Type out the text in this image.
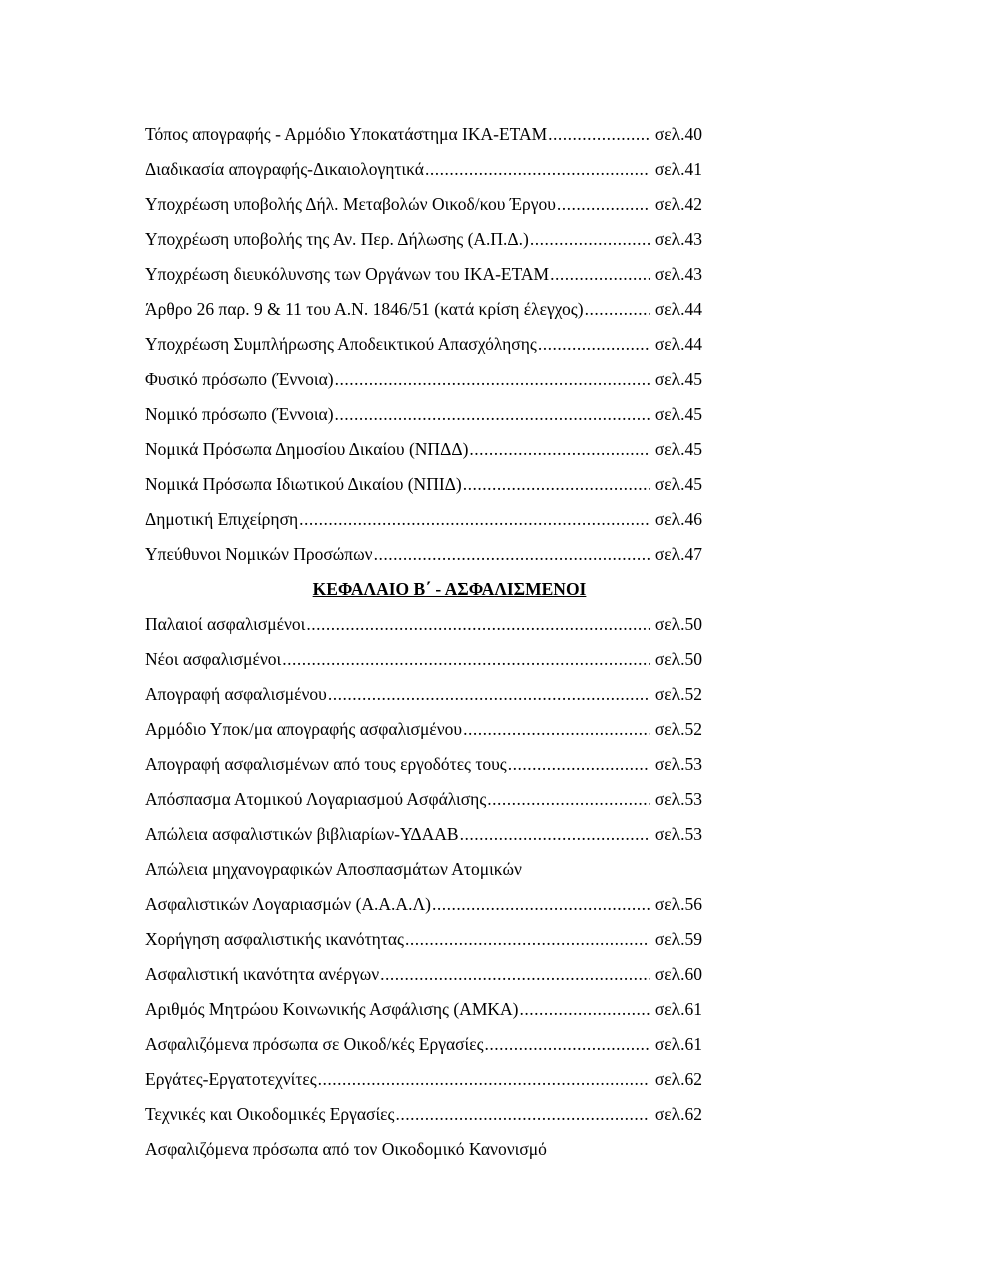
Τόπος απογραφής - Αρμόδιο Υποκατάστημα ΙΚΑ-ΕΤΑΜ .....	σελ.40
Διαδικασία απογραφής-Δικαιολογητικά .....	σελ.41
Υποχρέωση υποβολής Δήλ. Μεταβολών Οικοδ/κου Έργου .....	σελ.42
Υποχρέωση υποβολής της Αν. Περ. Δήλωσης (Α.Π.Δ.) .....	σελ.43
Υποχρέωση διευκόλυνσης των Οργάνων του ΙΚΑ-ΕΤΑΜ .....	σελ.43
Άρθρο 26 παρ. 9 & 11 του Α.Ν. 1846/51 (κατά κρίση έλεγχος) .....	σελ.44
Υποχρέωση Συμπλήρωσης Αποδεικτικού Απασχόλησης .....	σελ.44
Φυσικό πρόσωπο (Έννοια) .....	σελ.45
Νομικό πρόσωπο (Έννοια) .....	σελ.45
Νομικά Πρόσωπα Δημοσίου Δικαίου (ΝΠΔΔ) .....	σελ.45
Νομικά Πρόσωπα Ιδιωτικού Δικαίου (ΝΠΙΔ) .....	σελ.45
Δημοτική Επιχείρηση .....	σελ.46
Υπεύθυνοι Νομικών Προσώπων .....	σελ.47
ΚΕΦΑΛΑΙΟ Β΄ - ΑΣΦΑΛΙΣΜΕΝΟΙ
Παλαιοί ασφαλισμένοι .....	σελ.50
Νέοι ασφαλισμένοι .....	σελ.50
Απογραφή ασφαλισμένου .....	σελ.52
Αρμόδιο Υποκ/μα απογραφής ασφαλισμένου .....	σελ.52
Απογραφή ασφαλισμένων από τους εργοδότες τους .....	σελ.53
Απόσπασμα Ατομικού Λογαριασμού Ασφάλισης .....	σελ.53
Απώλεια ασφαλιστικών βιβλιαρίων-ΥΔΑΑΒ .....	σελ.53
Απώλεια μηχανογραφικών Αποσπασμάτων Ατομικών
Ασφαλιστικών Λογαριασμών (Α.Α.Α.Λ) .....	σελ.56
Χορήγηση ασφαλιστικής ικανότητας .....	σελ.59
Ασφαλιστική ικανότητα ανέργων .....	σελ.60
Αριθμός Μητρώου Κοινωνικής Ασφάλισης (ΑΜΚΑ) .....	σελ.61
Ασφαλιζόμενα πρόσωπα σε Οικοδ/κές Εργασίες .....	σελ.61
Εργάτες-Εργατοτεχνίτες .....	σελ.62
Τεχνικές και Οικοδομικές Εργασίες .....	σελ.62
Ασφαλιζόμενα πρόσωπα από τον Οικοδομικό Κανονισμό
